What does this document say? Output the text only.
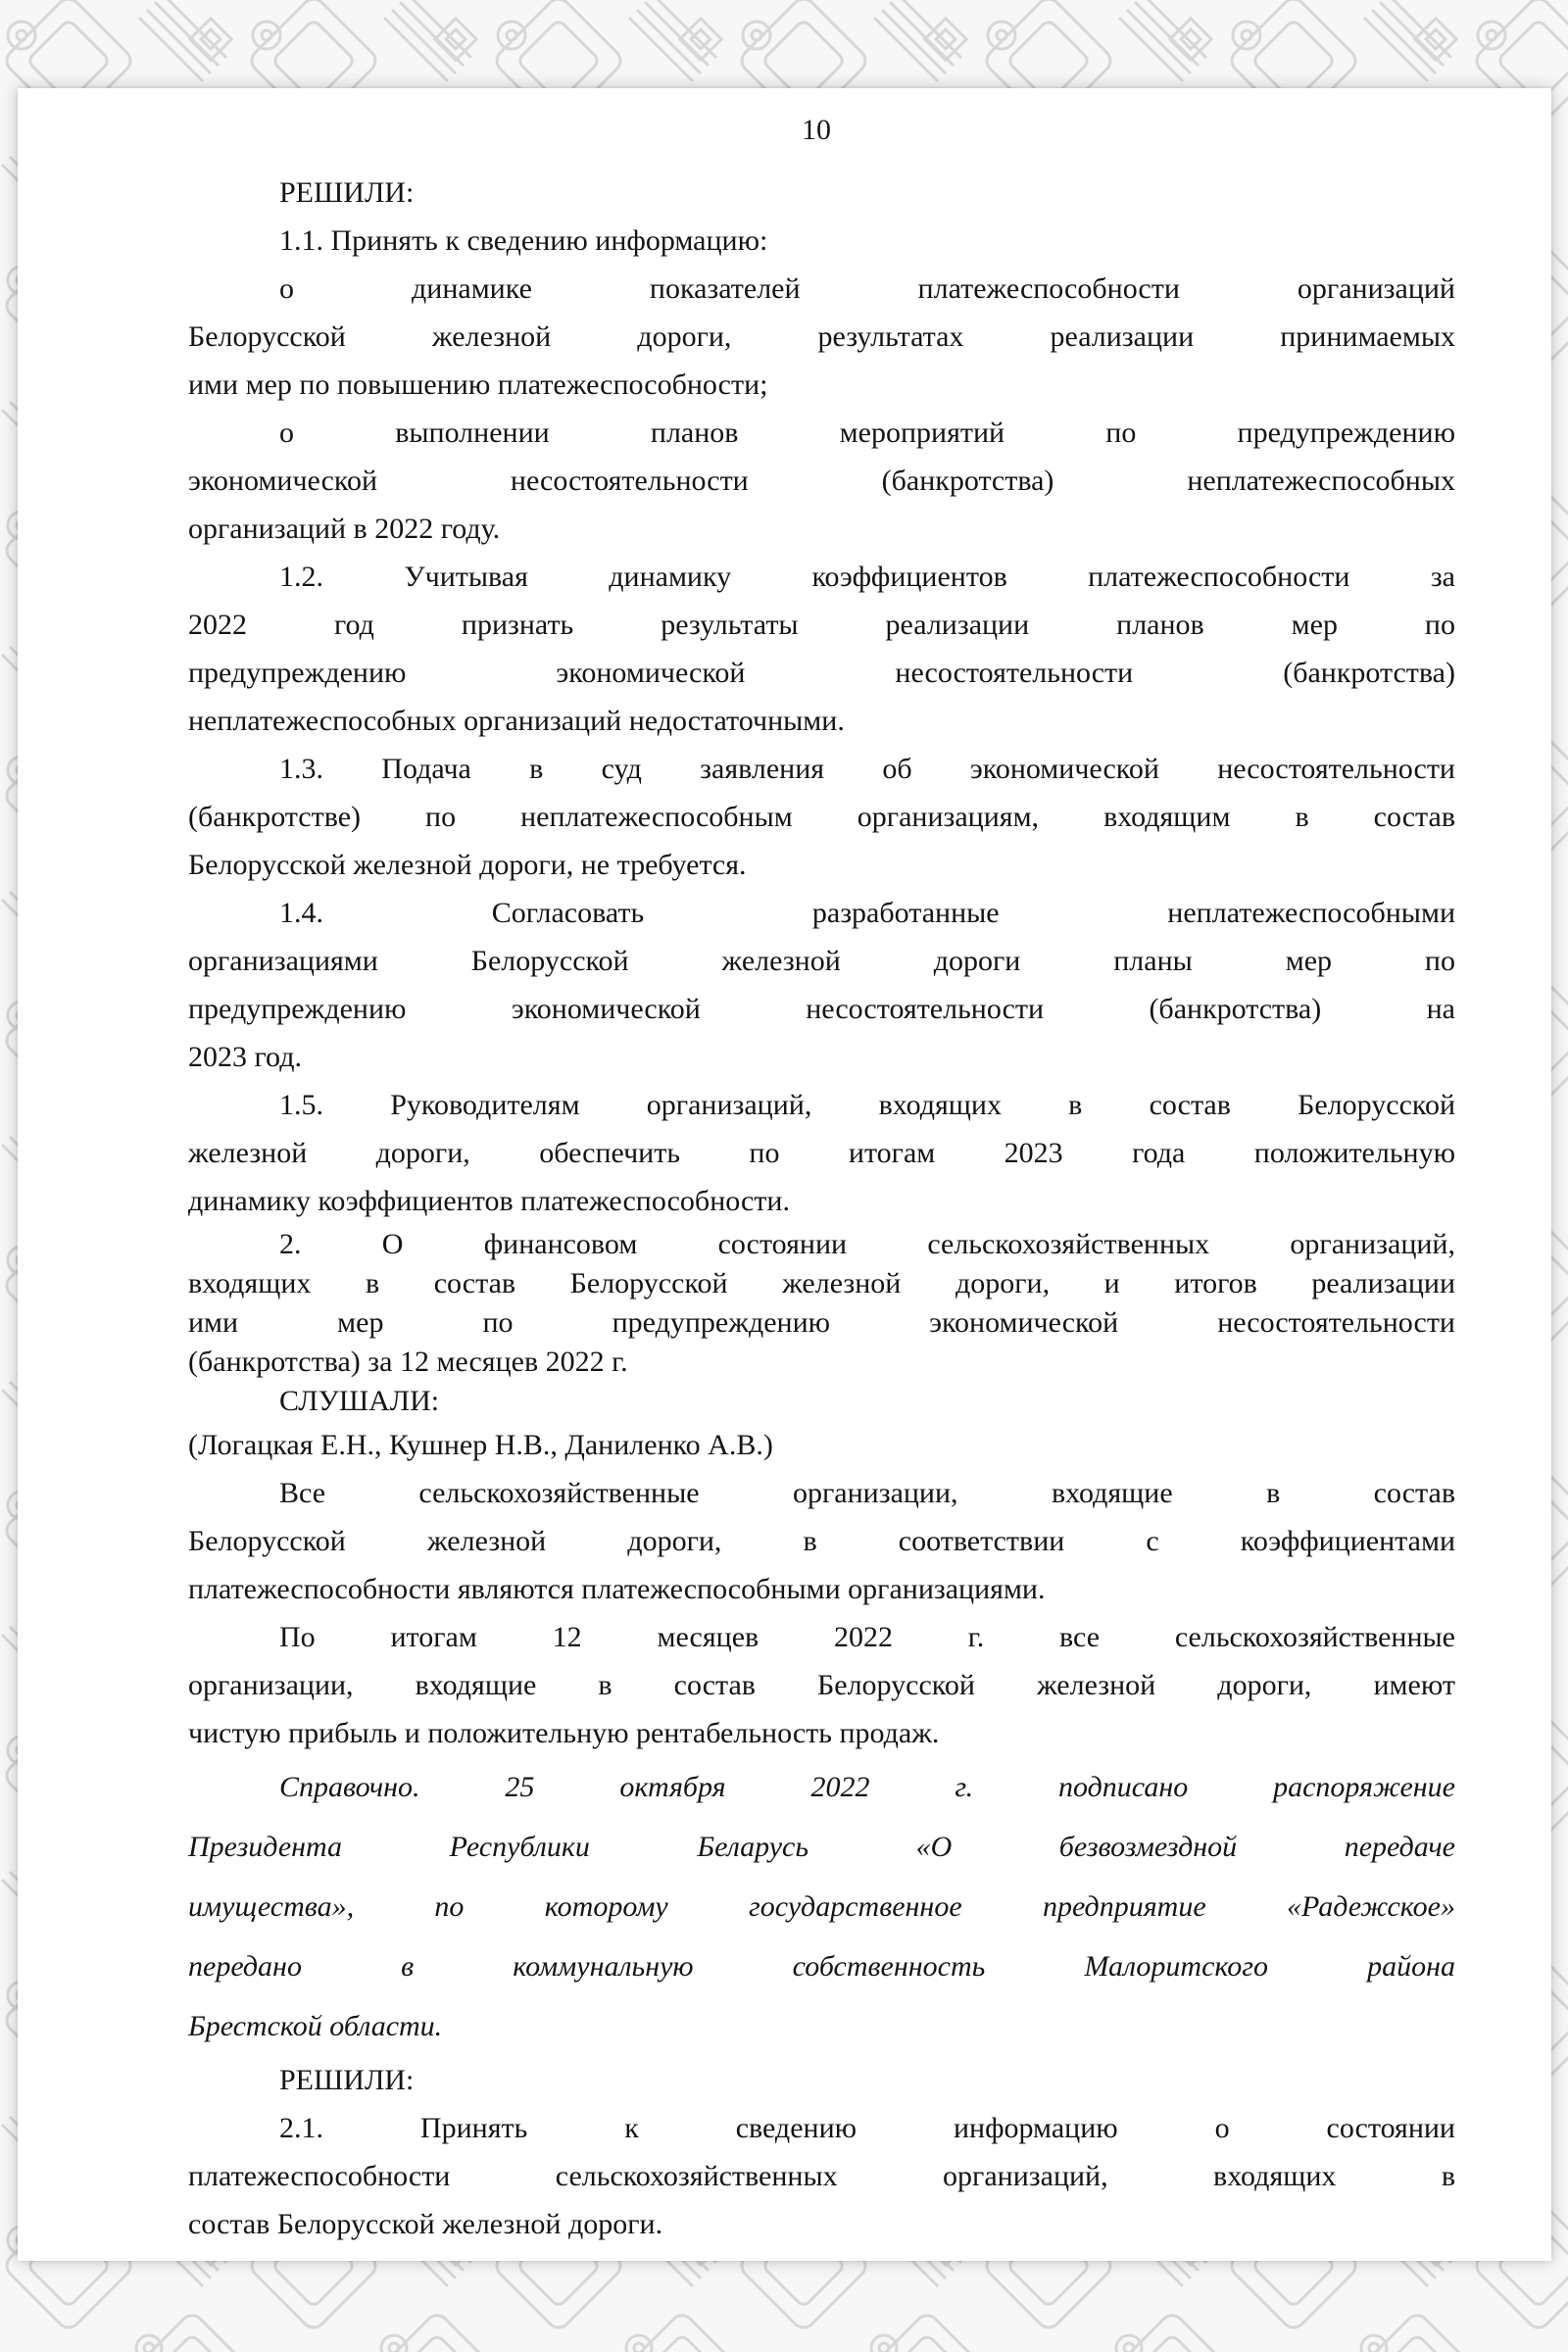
10
РЕШИЛИ:
1.1. Принять к сведению информацию:
о динамике показателей платежеспособности организаций
Белорусской железной дороги, результатах реализации принимаемых
ими мер по повышению платежеспособности;
о выполнении планов мероприятий по предупреждению
экономической несостоятельности (банкротства) неплатежеспособных
организаций в 2022 году.
1.2. Учитывая динамику коэффициентов платежеспособности за
2022 год признать результаты реализации планов мер по
предупреждению экономической несостоятельности (банкротства)
неплатежеспособных организаций недостаточными.
1.3. Подача в суд заявления об экономической несостоятельности
(банкротстве) по неплатежеспособным организациям, входящим в состав
Белорусской железной дороги, не требуется.
1.4. Согласовать разработанные неплатежеспособными
организациями Белорусской железной дороги планы мер по
предупреждению экономической несостоятельности (банкротства) на
2023 год.
1.5. Руководителям организаций, входящих в состав Белорусской
железной дороги, обеспечить по итогам 2023 года положительную
динамику коэффициентов платежеспособности.
2. О финансовом состоянии сельскохозяйственных организаций,
входящих в состав Белорусской железной дороги, и итогов реализации
ими мер по предупреждению экономической несостоятельности
(банкротства) за 12 месяцев 2022 г.
СЛУШАЛИ:
(Логацкая Е.Н., Кушнер Н.В., Даниленко А.В.)
Все сельскохозяйственные организации, входящие в состав
Белорусской железной дороги, в соответствии с коэффициентами
платежеспособности являются платежеспособными организациями.
По итогам 12 месяцев 2022 г. все сельскохозяйственные
организации, входящие в состав Белорусской железной дороги, имеют
чистую прибыль и положительную рентабельность продаж.
Справочно. 25 октября 2022 г. подписано распоряжение
Президента Республики Беларусь «О безвозмездной передаче
имущества», по которому государственное предприятие «Радежское»
передано в коммунальную собственность Малоритского района
Брестской области.
РЕШИЛИ:
2.1. Принять к сведению информацию о состоянии
платежеспособности сельскохозяйственных организаций, входящих в
состав Белорусской железной дороги.
